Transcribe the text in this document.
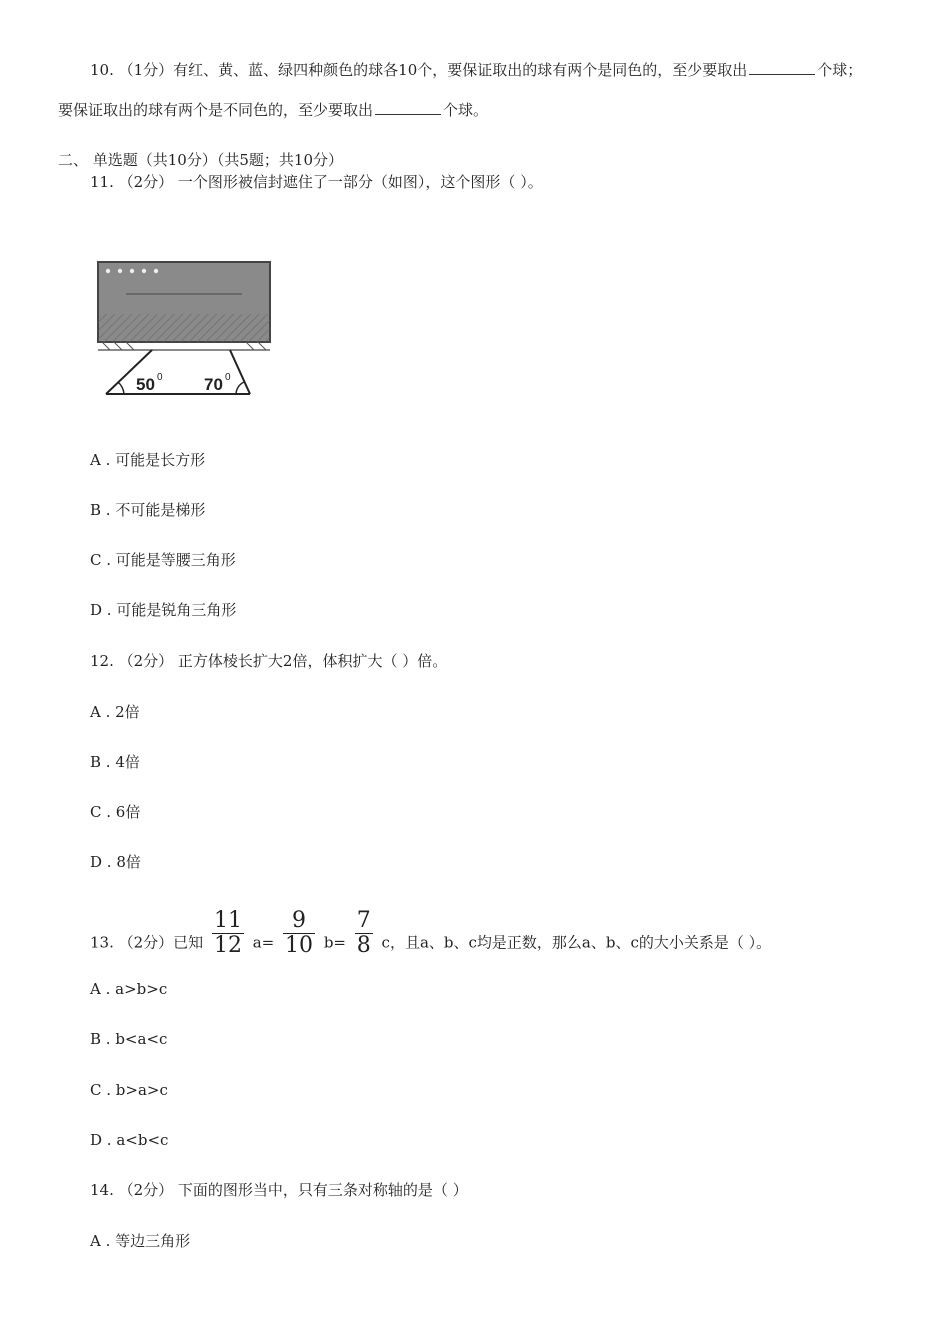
10. （1分）有红、黄、蓝、绿四种颜色的球各10个，要保证取出的球有两个是同色的，至少要取出	个球；
要保证取出的球有两个是不同色的，至少要取出	个球。
二、 单选题（共10分）（共5题；共10分）
11. （2分） 一个图形被信封遮住了一部分（如图），这个图形（ ）。
50 0 70 0
A . 可能是长方形
B . 不可能是梯形
C . 可能是等腰三角形
D . 可能是锐角三角形
12. （2分） 正方体棱长扩大2倍，体积扩大（ ）倍。
A . 2倍
B . 4倍
C . 6倍
D . 8倍
13. （2分）已知 $\frac{11}{12} a= \frac{9}{10} b= \frac{7}{8}$ c，且a、b、c均是正数，那么a、b、c的大小关系是（ ）。
A . a>b>c
B . b<a<c
C . b>a>c
D . a<b<c
14. （2分） 下面的图形当中，只有三条对称轴的是（ ）
A . 等边三角形
